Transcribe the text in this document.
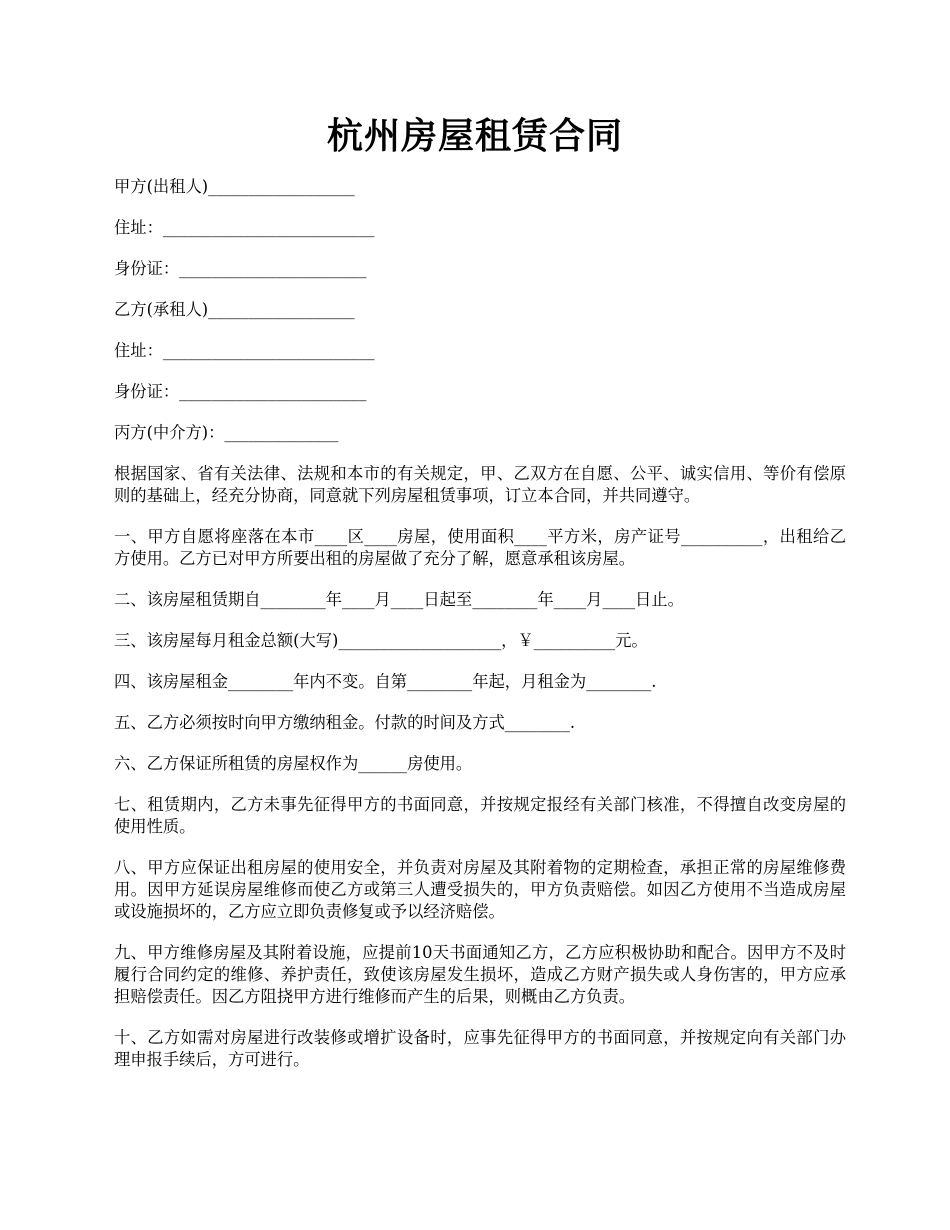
杭州房屋租赁合同

甲方(出租人)__________________

住址：__________________________

身份证：_______________________

乙方(承租人)__________________

住址：__________________________

身份证：_______________________

丙方(中介方)：______________

根据国家、省有关法律、法规和本市的有关规定，甲、乙双方在自愿、公平、诚实信用、等价有偿原则的基础上，经充分协商，同意就下列房屋租赁事项，订立本合同，并共同遵守。

一、甲方自愿将座落在本市____区____房屋，使用面积____平方米，房产证号__________，出租给乙方使用。乙方已对甲方所要出租的房屋做了充分了解，愿意承租该房屋。

二、该房屋租赁期自________年____月____日起至________年____月____日止。

三、该房屋每月租金总额(大写)____________________，￥__________元。

四、该房屋租金________年内不变。自第________年起，月租金为________.

五、乙方必须按时向甲方缴纳租金。付款的时间及方式________.

六、乙方保证所租赁的房屋权作为______房使用。

七、租赁期内，乙方未事先征得甲方的书面同意，并按规定报经有关部门核准，不得擅自改变房屋的使用性质。

八、甲方应保证出租房屋的使用安全，并负责对房屋及其附着物的定期检查，承担正常的房屋维修费用。因甲方延误房屋维修而使乙方或第三人遭受损失的，甲方负责赔偿。如因乙方使用不当造成房屋或设施损坏的，乙方应立即负责修复或予以经济赔偿。

九、甲方维修房屋及其附着设施，应提前10天书面通知乙方，乙方应积极协助和配合。因甲方不及时履行合同约定的维修、养护责任，致使该房屋发生损坏，造成乙方财产损失或人身伤害的，甲方应承担赔偿责任。因乙方阻挠甲方进行维修而产生的后果，则概由乙方负责。

十、乙方如需对房屋进行改装修或增扩设备时，应事先征得甲方的书面同意，并按规定向有关部门办理申报手续后，方可进行。
